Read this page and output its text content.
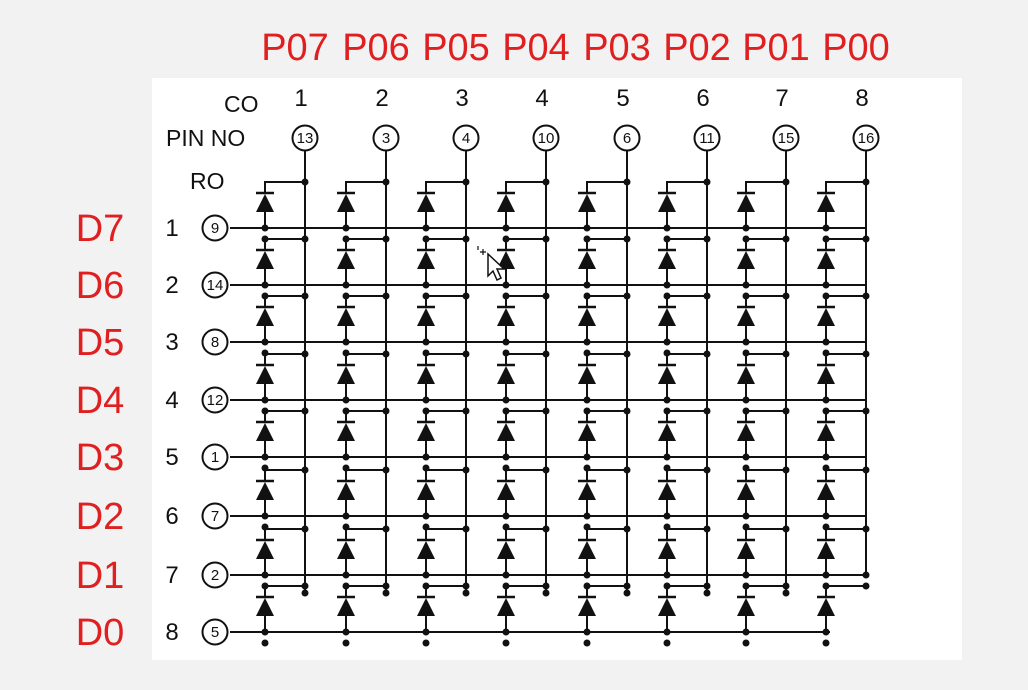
CO
PIN NO
RO
13
1
3
2
4
3
10
4
6
5
11
6
15
7
16
8
9
1
14
2
8
3
12
4
1
5
7
6
2
7
5
8
P07 P06 P05 P04 P03 P02 P01 P00
D7
D6
D5
D4
D3
D2
D1
D0
